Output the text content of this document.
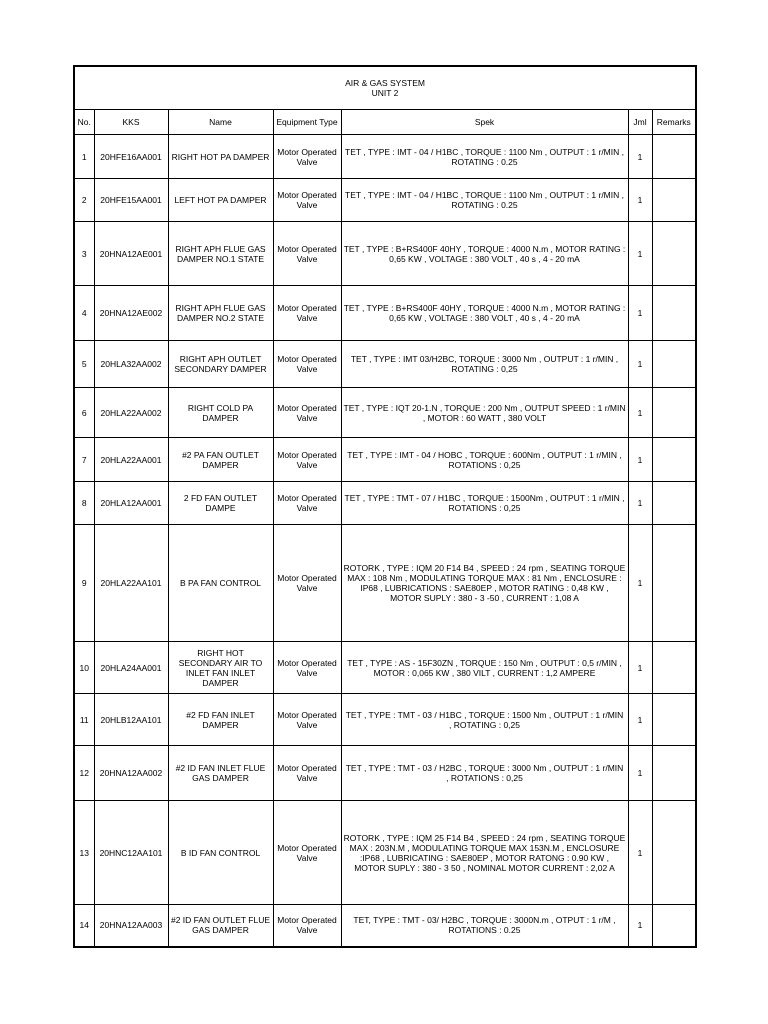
AIR & GAS SYSTEM
UNIT 2						

No.	KKS	Name	Equipment Type	Spek	Jml	Remarks
1	20HFE16AA001	RIGHT HOT PA DAMPER	Motor Operated Valve	TET , TYPE : IMT - 04 / H1BC , TORQUE : 1100 Nm , OUTPUT : 1 r/MIN , ROTATING : 0.25	1	
2	20HFE15AA001	LEFT HOT PA DAMPER	Motor Operated Valve	TET , TYPE : IMT - 04 / H1BC , TORQUE : 1100 Nm , OUTPUT : 1 r/MIN , ROTATING : 0.25	1	
3	20HNA12AE001	RIGHT APH FLUE GAS DAMPER NO.1 STATE	Motor Operated Valve	TET , TYPE : B+RS400F 40HY , TORQUE : 4000 N.m , MOTOR RATING : 0,65 KW , VOLTAGE : 380 VOLT , 40 s , 4 - 20 mA	1	
4	20HNA12AE002	RIGHT APH FLUE GAS DAMPER NO.2 STATE	Motor Operated Valve	TET , TYPE : B+RS400F 40HY , TORQUE : 4000 N.m , MOTOR RATING : 0,65 KW , VOLTAGE : 380 VOLT , 40 s , 4 - 20 mA	1	
5	20HLA32AA002	RIGHT APH OUTLET SECONDARY DAMPER	Motor Operated Valve	TET , TYPE : IMT 03/H2BC, TORQUE : 3000 Nm , OUTPUT : 1 r/MIN , ROTATING : 0,25	1	
6	20HLA22AA002	RIGHT COLD PA DAMPER	Motor Operated Valve	TET , TYPE : IQT 20-1.N , TORQUE : 200 Nm , OUTPUT SPEED : 1 r/MIN , MOTOR : 60 WATT , 380 VOLT	1	
7	20HLA22AA001	#2 PA FAN OUTLET DAMPER	Motor Operated Valve	TET , TYPE : IMT - 04 / HOBC , TORQUE : 600Nm , OUTPUT : 1 r/MIN , ROTATIONS : 0,25	1	
8	20HLA12AA001	2 FD FAN OUTLET DAMPE	Motor Operated Valve	TET , TYPE : TMT - 07 / H1BC , TORQUE : 1500Nm , OUTPUT : 1 r/MIN , ROTATIONS : 0,25	1	
9	20HLA22AA101	B PA FAN CONTROL	Motor Operated Valve	ROTORK , TYPE : IQM 20 F14 B4 , SPEED : 24 rpm , SEATING TORQUE MAX : 108 Nm , MODULATING TORQUE MAX : 81 Nm , ENCLOSURE : IP68 , LUBRICATIONS : SAE80EP , MOTOR RATING : 0,48 KW , MOTOR SUPLY : 380 - 3 -50 , CURRENT : 1,08 A	1	
10	20HLA24AA001	RIGHT HOT SECONDARY AIR TO INLET FAN INLET DAMPER	Motor Operated Valve	TET , TYPE : AS - 15F30ZN , TORQUE : 150 Nm , OUTPUT : 0,5 r/MIN , MOTOR : 0,065 KW , 380 VILT , CURRENT : 1,2 AMPERE	1	
11	20HLB12AA101	#2 FD FAN INLET DAMPER	Motor Operated Valve	TET , TYPE : TMT - 03 / H1BC , TORQUE : 1500 Nm , OUTPUT : 1 r/MIN , ROTATING : 0,25	1	
12	20HNA12AA002	#2 ID FAN INLET FLUE GAS DAMPER	Motor Operated Valve	TET , TYPE : TMT - 03 / H2BC , TORQUE : 3000 Nm , OUTPUT : 1 r/MIN , ROTATIONS : 0,25	1	
13	20HNC12AA101	B ID FAN CONTROL	Motor Operated Valve	ROTORK , TYPE : IQM 25 F14 B4 , SPEED : 24 rpm , SEATING TORQUE MAX : 203N.M , MODULATING TORQUE MAX 153N.M , ENCLOSURE :IP68 , LUBRICATING : SAE80EP , MOTOR RATONG : 0.90 KW , MOTOR SUPLY : 380 - 3 50 , NOMINAL MOTOR CURRENT : 2,02 A	1	
14	20HNA12AA003	#2 ID FAN OUTLET FLUE GAS DAMPER	Motor Operated Valve	TET, TYPE : TMT - 03/ H2BC , TORQUE : 3000N.m , OTPUT : 1 r/M , ROTATIONS : 0.25	1	
